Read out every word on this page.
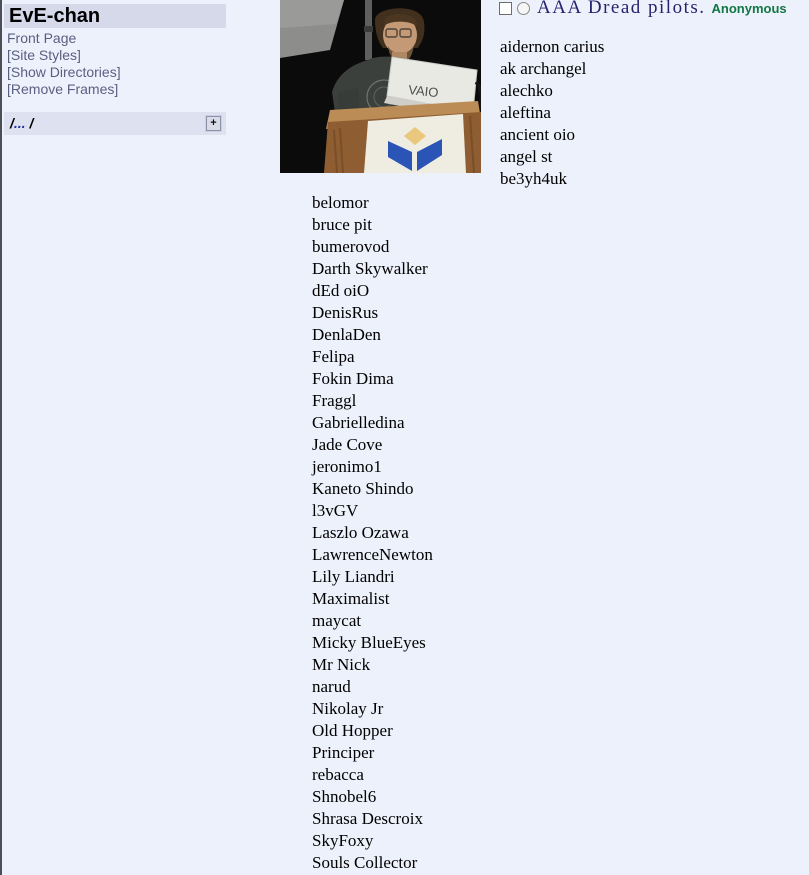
EvE-chan
Front Page
[Site Styles]
[Show Directories]
[Remove Frames]
/... /	+
VAIO
AAA Dread pilots. Anonymous
aidernon carius
ak archangel
alechko
aleftina
ancient oio
angel st
be3yh4uk
belomor
bruce pit
bumerovod
Darth Skywalker
dEd oiO
DenisRus
DenlaDen
Felipa
Fokin Dima
Fraggl
Gabrielledina
Jade Cove
jeronimo1
Kaneto Shindo
l3vGV
Laszlo Ozawa
LawrenceNewton
Lily Liandri
Maximalist
maycat
Micky BlueEyes
Mr Nick
narud
Nikolay Jr
Old Hopper
Principer
rebacca
Shnobel6
Shrasa Descroix
SkyFoxy
Souls Collector
